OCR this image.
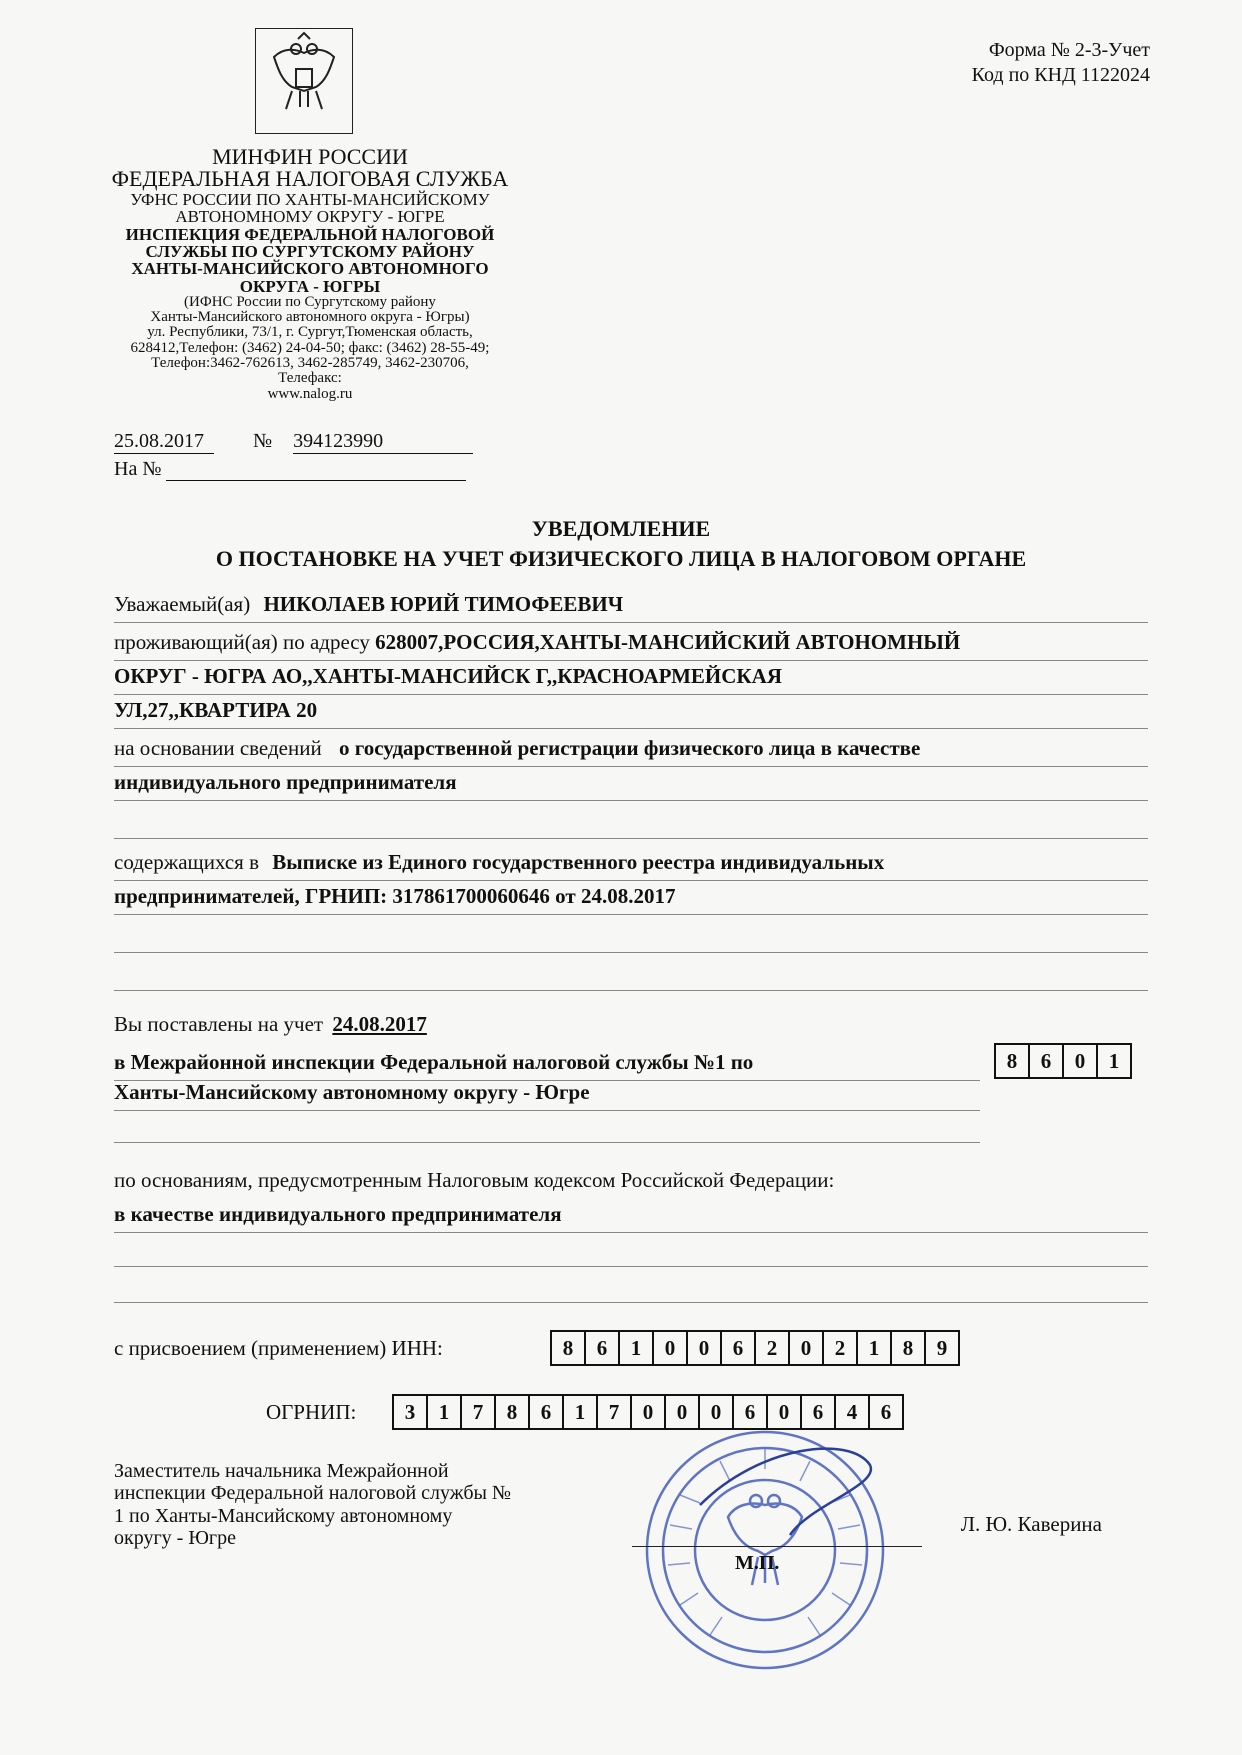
МИНФИН РОССИИ
ФЕДЕРАЛЬНАЯ НАЛОГОВАЯ СЛУЖБА
УФНС РОССИИ ПО ХАНТЫ-МАНСИЙСКОМУ
АВТОНОМНОМУ ОКРУГУ - ЮГРЕ
ИНСПЕКЦИЯ ФЕДЕРАЛЬНОЙ НАЛОГОВОЙ
СЛУЖБЫ ПО СУРГУТСКОМУ РАЙОНУ
ХАНТЫ-МАНСИЙСКОГО АВТОНОМНОГО
ОКРУГА - ЮГРЫ
(ИФНС России по Сургутскому району
Ханты-Мансийского автономного округа - Югры)
ул. Республики, 73/1, г. Сургут,Тюменская область,
628412,Телефон: (3462) 24-04-50; факс: (3462) 28-55-49;
Телефон:3462-762613, 3462-285749, 3462-230706,
Телефакс:
www.nalog.ru
Форма № 2-3-Учет
Код по КНД 1122024
25.08.2017 № 394123990
На №
УВЕДОМЛЕНИЕ
О ПОСТАНОВКЕ НА УЧЕТ ФИЗИЧЕСКОГО ЛИЦА В НАЛОГОВОМ ОРГАНЕ
Уважаемый(ая) НИКОЛАЕВ ЮРИЙ ТИМОФЕЕВИЧ
проживающий(ая) по адресу 628007,РОССИЯ,ХАНТЫ-МАНСИЙСКИЙ АВТОНОМНЫЙ
ОКРУГ - ЮГРА АО,,ХАНТЫ-МАНСИЙСК Г,,КРАСНОАРМЕЙСКАЯ
УЛ,27,,КВАРТИРА 20
на основании сведений о государственной регистрации физического лица в качестве
индивидуального предпринимателя
содержащихся в Выписке из Единого государственного реестра индивидуальных
предпринимателей, ГРНИП: 317861700060646 от 24.08.2017
Вы поставлены на учет 24.08.2017
в Межрайонной инспекции Федеральной налоговой службы №1 по
Ханты-Мансийскому автономному округу - Югре
8	6	0	1
по основаниям, предусмотренным Налоговым кодексом Российской Федерации:
в качестве индивидуального предпринимателя
с присвоением (применением) ИНН:	8	6	1	0	0	6	2	0	2	1	8	9
ОГРНИП:	3	1	7	8	6	1	7	0	0	0	6	0	6	4	6
Заместитель начальника Межрайонной
инспекции Федеральной налоговой службы №
1 по Ханты-Мансийскому автономному
округу - Югре
М.П.
Л. Ю. Каверина
